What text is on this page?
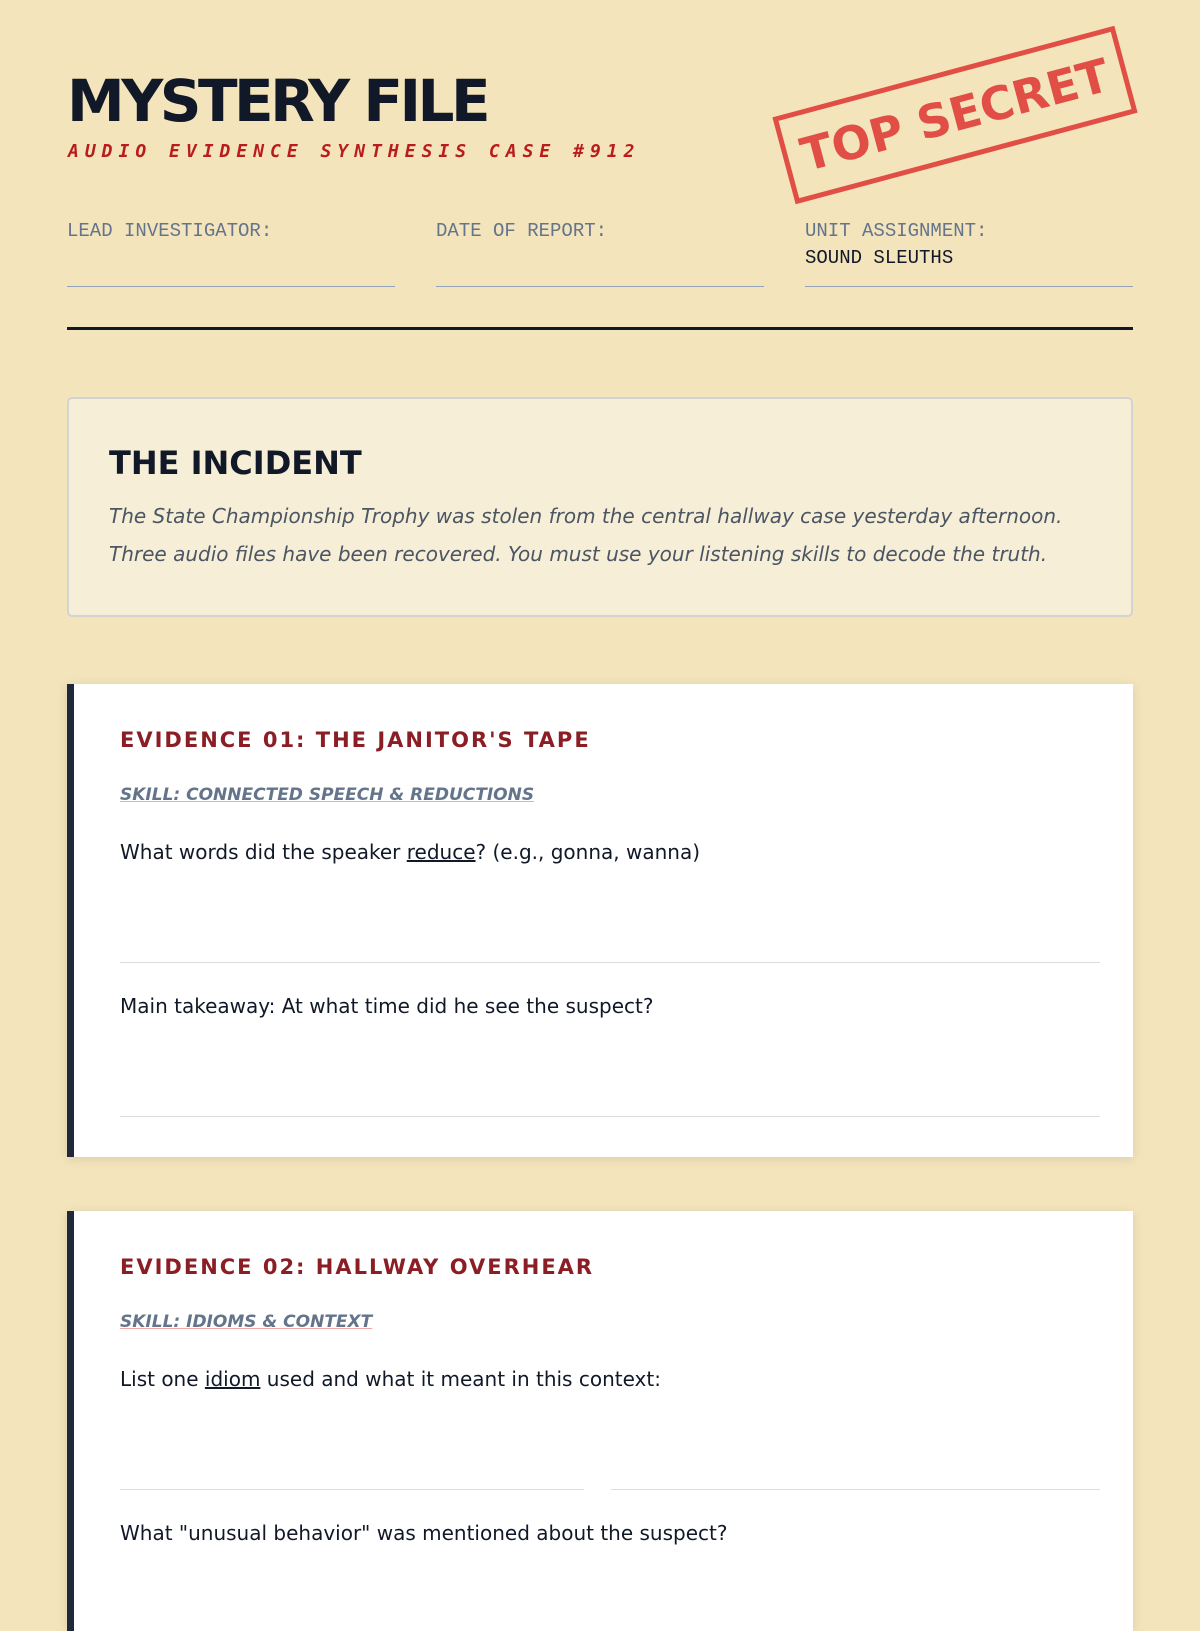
MYSTERY FILE
AUDIO EVIDENCE SYNTHESIS CASE #912	TOP SECRET
LEAD INVESTIGATOR:	DATE OF REPORT:	UNIT ASSIGNMENT:
SOUND SLEUTHS
THE INCIDENT

The State Championship Trophy was stolen from the central hallway case yesterday afternoon.
Three audio files have been recovered. You must use your listening skills to decode the truth.

EVIDENCE 01: THE JANITOR'S TAPE
SKILL: CONNECTED SPEECH & REDUCTIONS
What words did the speaker reduce? (e.g., gonna, wanna)
Main takeaway: At what time did he see the suspect?
EVIDENCE 02: HALLWAY OVERHEAR
SKILL: IDIOMS & CONTEXT
List one idiom used and what it meant in this context:
What "unusual behavior" was mentioned about the suspect?
